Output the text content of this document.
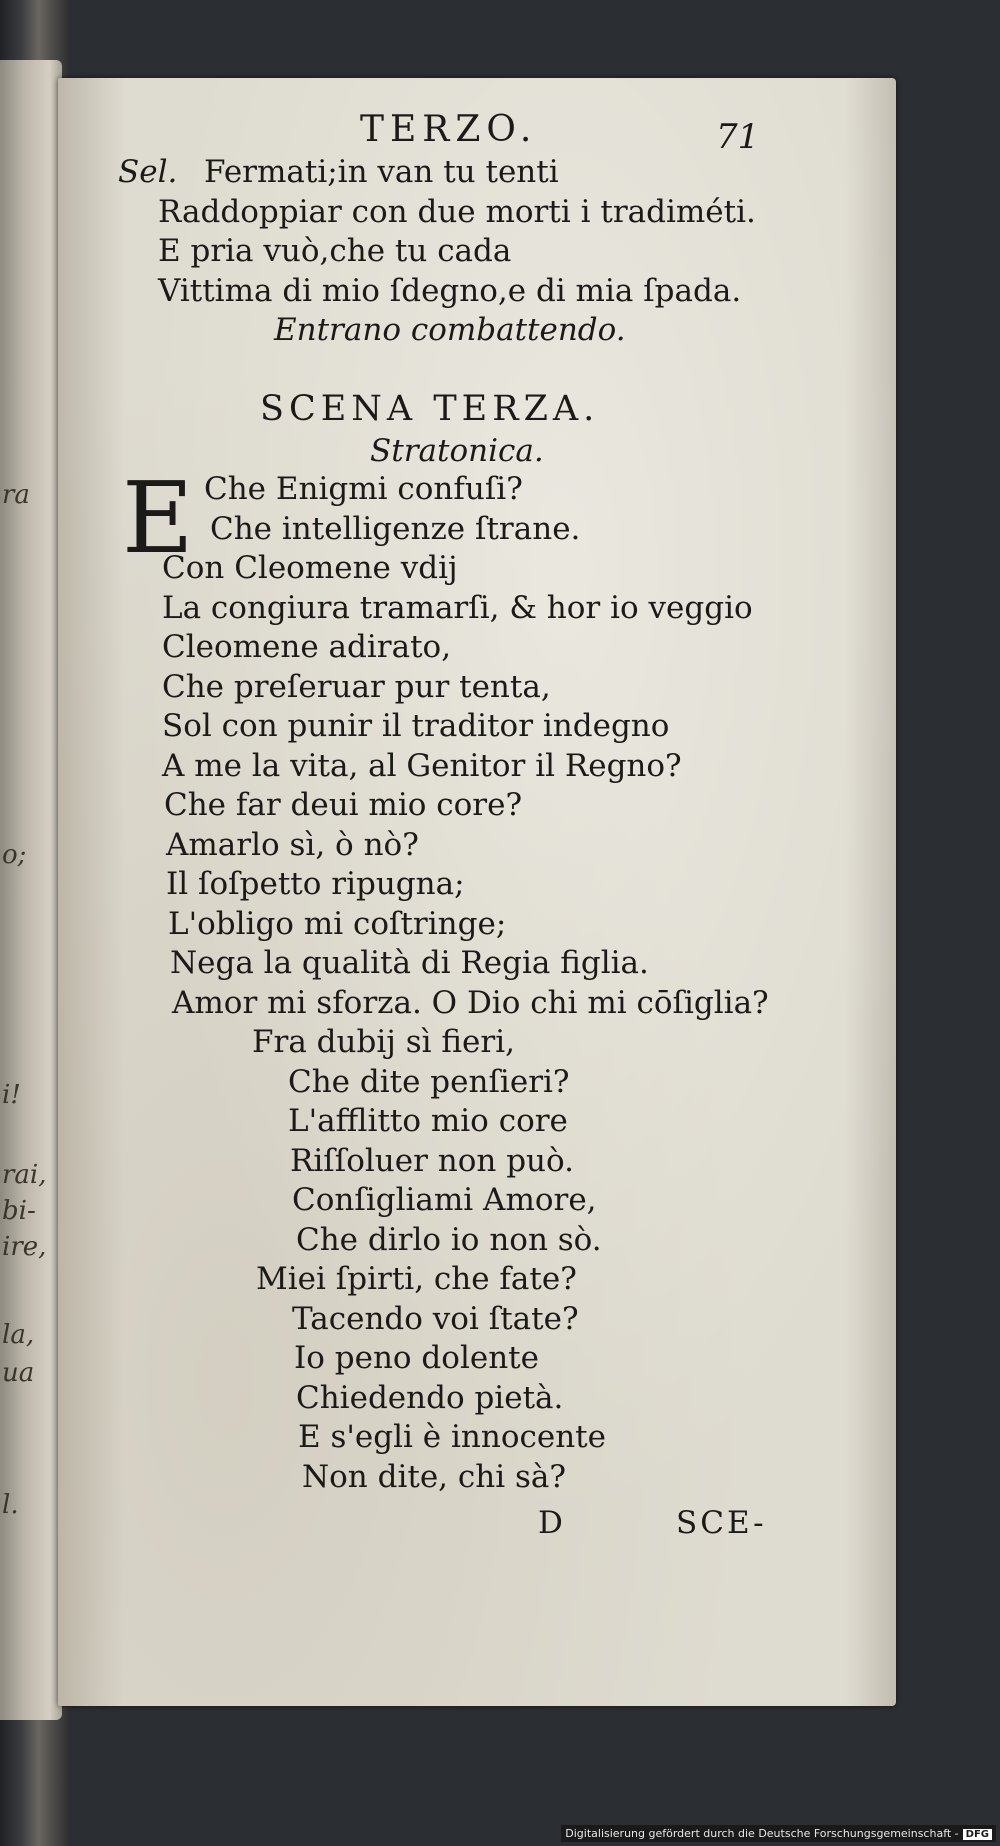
ra
o;
i!
rai,
bi-
ire,
la,
ua
l.
TERZO.	71
Sel. Fermati;in van tu tenti
Raddoppiar con due morti i tradiméti.
E pria vuò,che tu cada
Vittima di mio ſdegno,e di mia ſpada.
Entrano combattendo.
SCENA TERZA.
Stratonica.
E Che Enigmi confuſi?
Che intelligenze ſtrane.
Con Cleomene vdij
La congiura tramarſi, & hor io veggio
Cleomene adirato,
Che preſeruar pur tenta,
Sol con punir il traditor indegno
A me la vita, al Genitor il Regno?
Che far deui mio core?
Amarlo sì, ò nò?
Il ſoſpetto ripugna;
L'obligo mi coſtringe;
Nega la qualità di Regia figlia.
Amor mi sforza. O Dio chi mi cōſiglia?
Fra dubij sì fieri,
Che dite penſieri?
L'afflitto mio core
Riſſoluer non può.
Conſigliami Amore,
Che dirlo io non sò.
Miei ſpirti, che fate?
Tacendo voi ſtate?
Io peno dolente
Chiedendo pietà.
E s'egli è innocente
Non dite, chi sà?
D	SCE-
Digitalisierung gefördert durch die Deutsche Forschungsgemeinschaft - DFG
